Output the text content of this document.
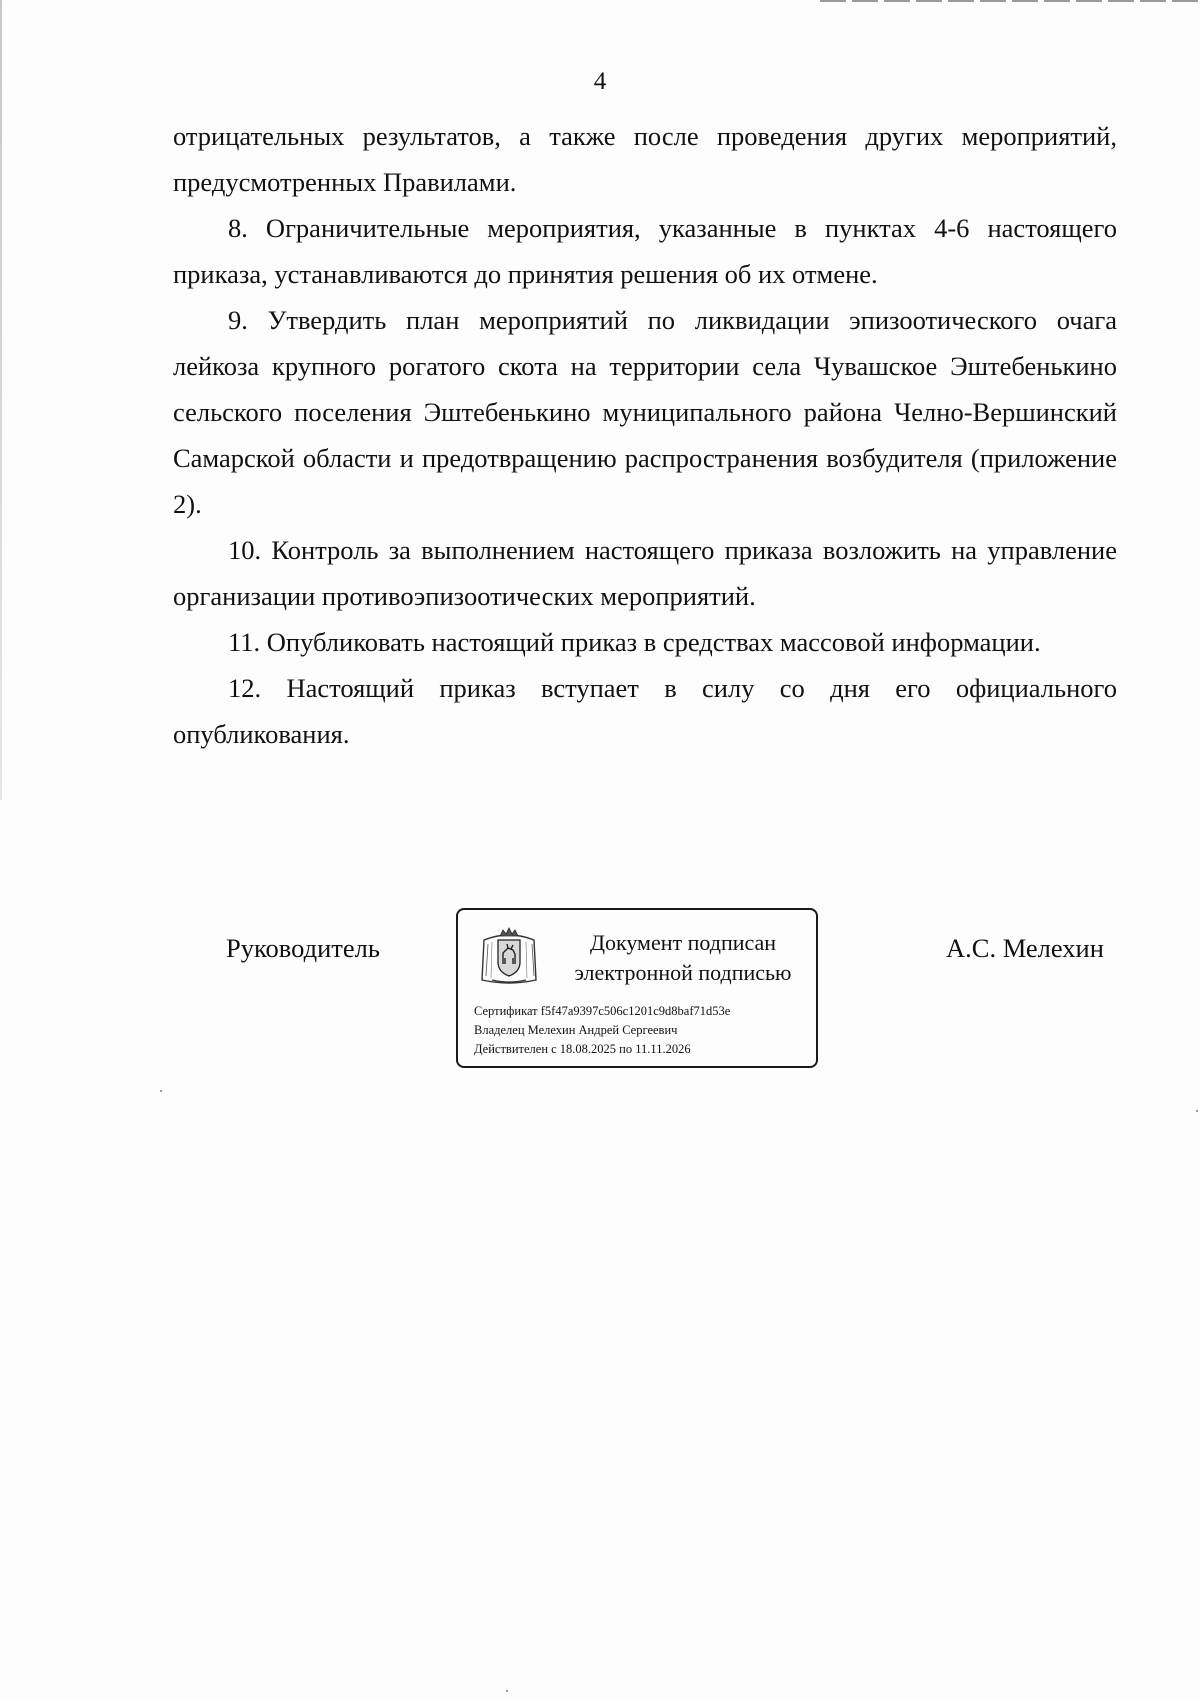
4

отрицательных результатов, а также после проведения других мероприятий, предусмотренных Правилами.

8. Ограничительные мероприятия, указанные в пунктах 4-6 настоящего приказа, устанавливаются до принятия решения об их отмене.

9. Утвердить план мероприятий по ликвидации эпизоотического очага лейкоза крупного рогатого скота на территории села Чувашское Эштебенькино сельского поселения Эштебенькино муниципального района Челно-Вершинский Самарской области и предотвращению распространения возбудителя (приложение 2).

10. Контроль за выполнением настоящего приказа возложить на управление организации противоэпизоотических мероприятий.

11. Опубликовать настоящий приказ в средствах массовой информации.

12. Настоящий приказ вступает в силу со дня его официального опубликования.

Руководитель	Документ подписан
электронной подписью
Сертификат f5f47a9397c506c1201c9d8baf71d53e
Владелец Мелехин Андрей Сергеевич
Действителен с 18.08.2025 по 11.11.2026
А.С. Мелехин
